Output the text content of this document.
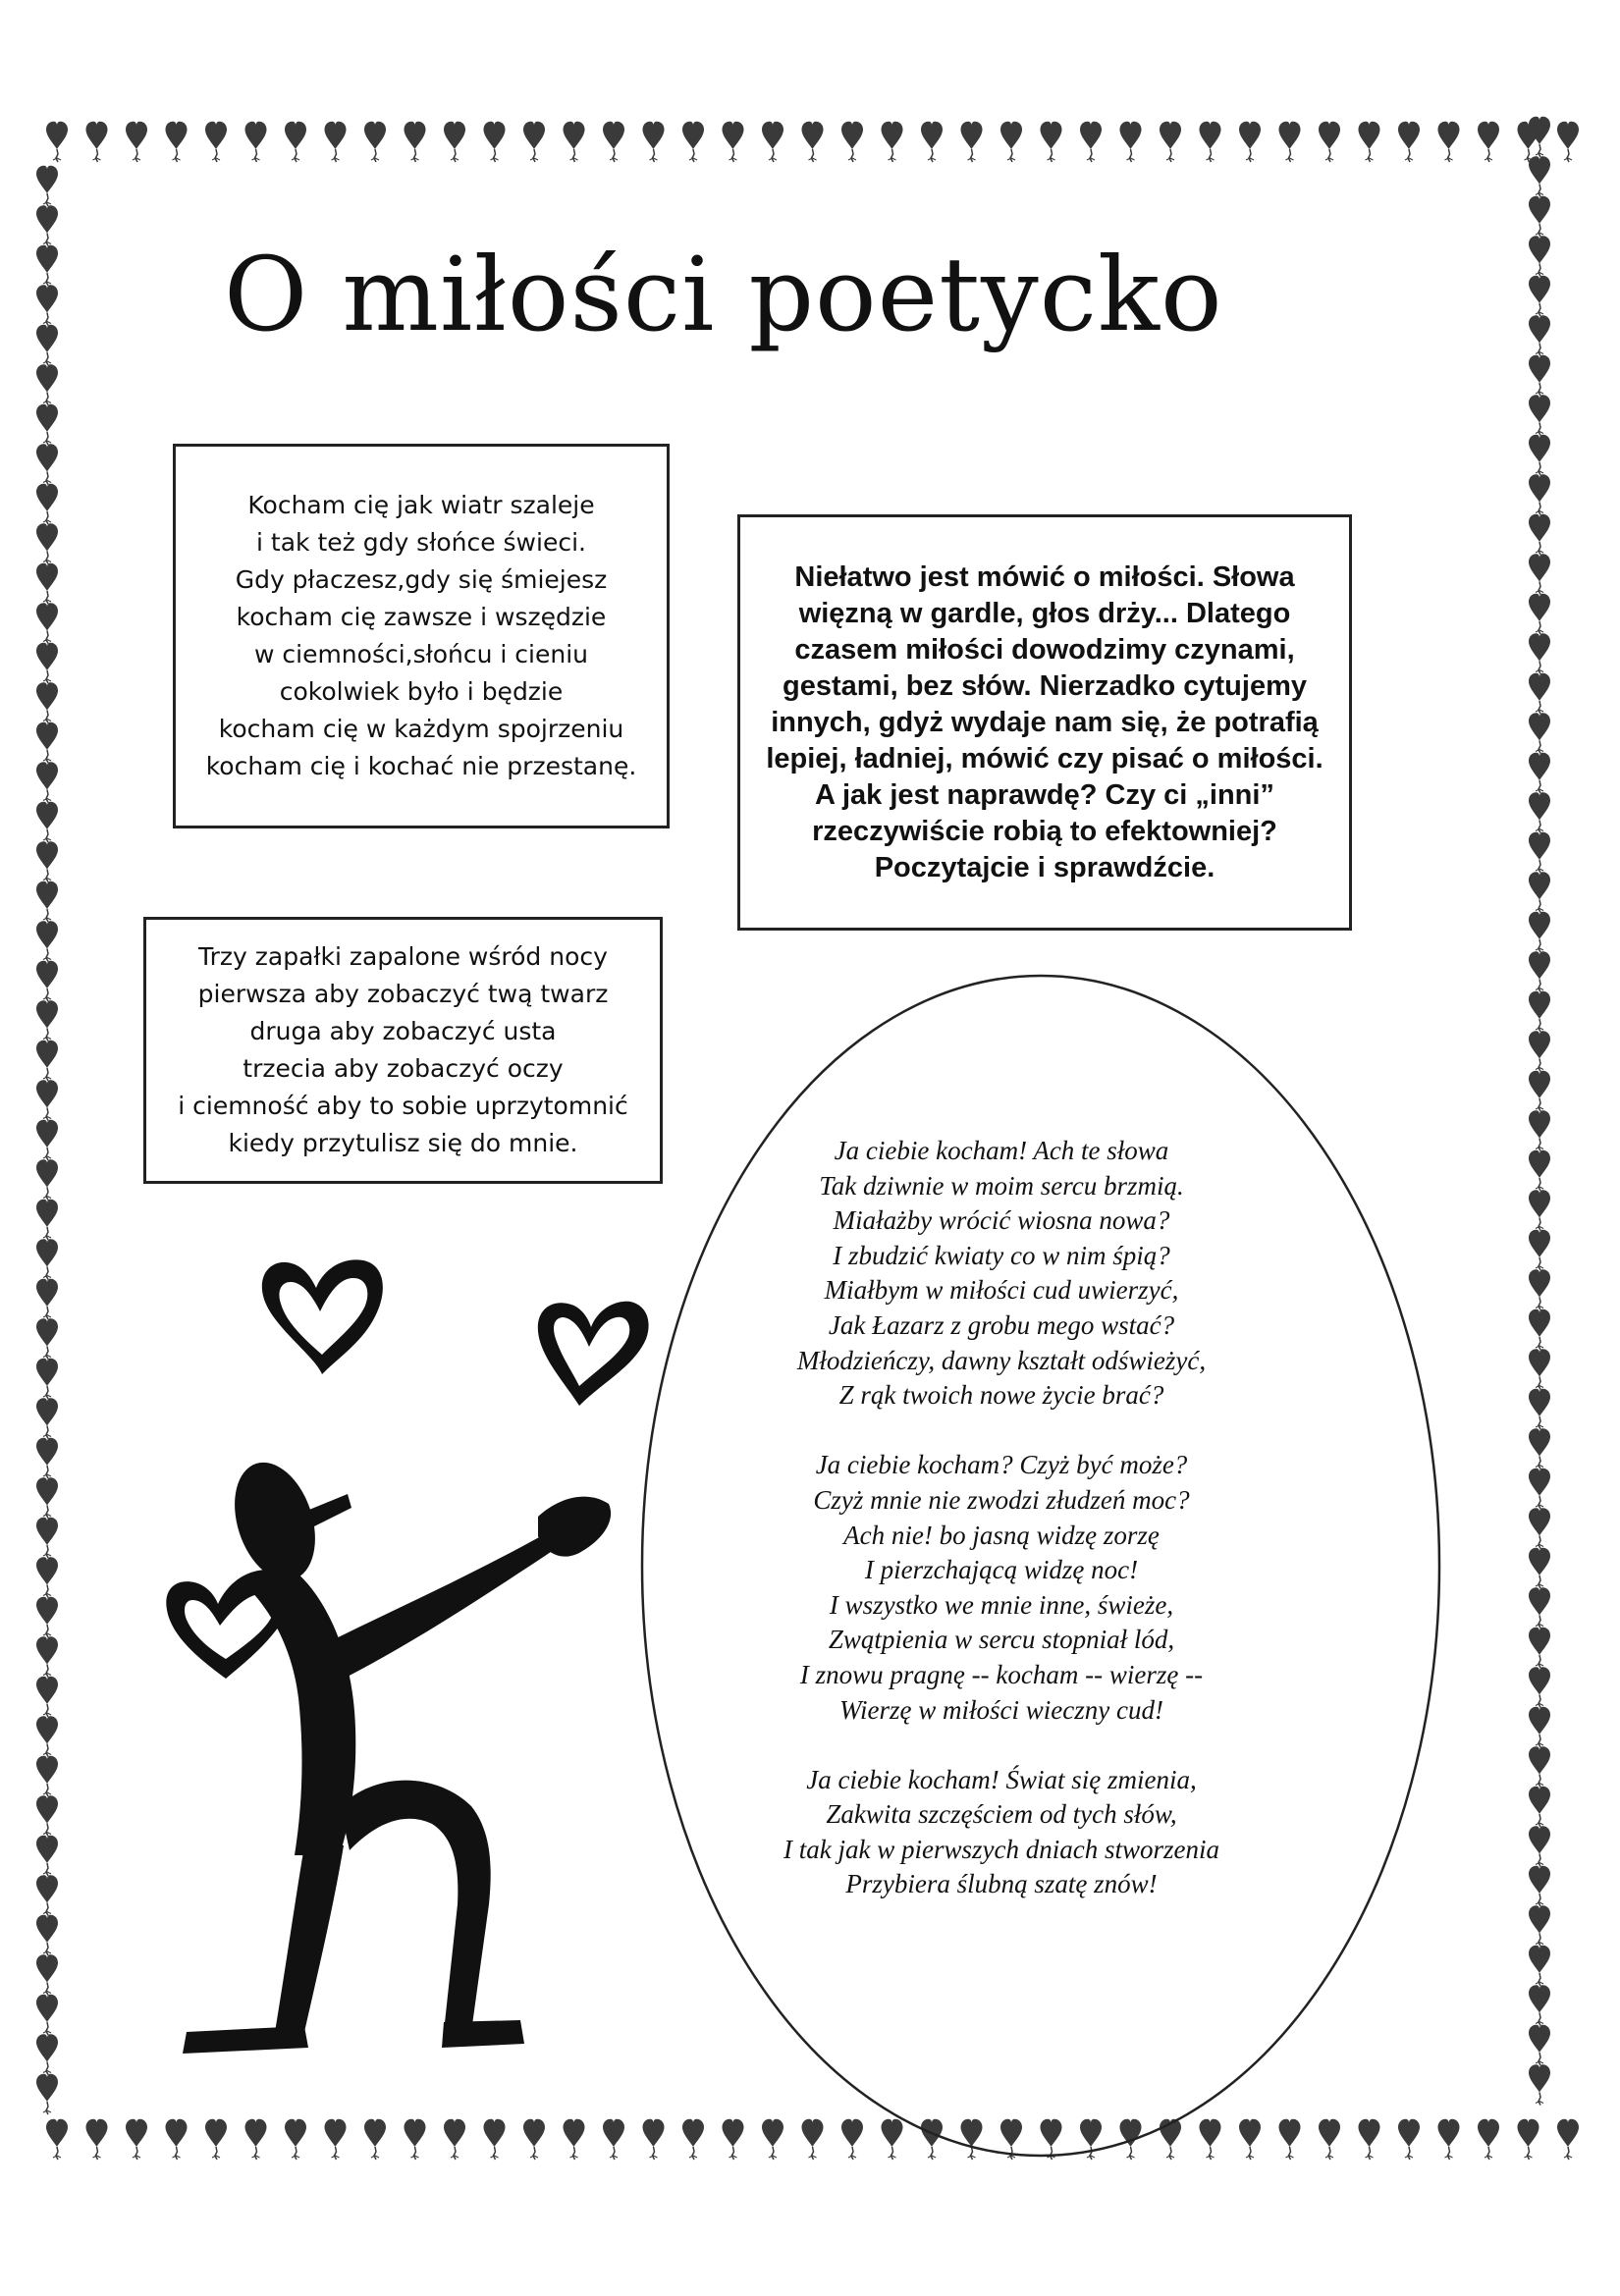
O miłości poetycko
Kocham cię jak wiatr szaleje
i tak też gdy słońce świeci.
Gdy płaczesz,gdy się śmiejesz
kocham cię zawsze i wszędzie
w ciemności,słońcu i cieniu
cokolwiek było i będzie
kocham cię w każdym spojrzeniu
kocham cię i kochać nie przestanę.
Niełatwo jest mówić o miłości. Słowa
więzną w gardle, głos drży... Dlatego
czasem miłości dowodzimy czynami,
gestami, bez słów. Nierzadko cytujemy
innych, gdyż wydaje nam się, że potrafią
lepiej, ładniej, mówić czy pisać o miłości.
A jak jest naprawdę? Czy ci „inni”
rzeczywiście robią to efektowniej?
Poczytajcie i sprawdźcie.
Trzy zapałki zapalone wśród nocy
pierwsza aby zobaczyć twą twarz
druga aby zobaczyć usta
trzecia aby zobaczyć oczy
i ciemność aby to sobie uprzytomnić
kiedy przytulisz się do mnie.	Ja ciebie kocham! Ach te słowa
Tak dziwnie w moim sercu brzmią.
Miałażby wrócić wiosna nowa?
I zbudzić kwiaty co w nim śpią?
Miałbym w miłości cud uwierzyć,
Jak Łazarz z grobu mego wstać?
Młodzieńczy, dawny kształt odświeżyć,
Z rąk twoich nowe życie brać?
Ja ciebie kocham? Czyż być może?
Czyż mnie nie zwodzi złudzeń moc?
Ach nie! bo jasną widzę zorzę
I pierzchającą widzę noc!
I wszystko we mnie inne, świeże,
Zwątpienia w sercu stopniał lód,
I znowu pragnę -- kocham -- wierzę --
Wierzę w miłości wieczny cud!
Ja ciebie kocham! Świat się zmienia,
Zakwita szczęściem od tych słów,
I tak jak w pierwszych dniach stworzenia
Przybiera ślubną szatę znów!
